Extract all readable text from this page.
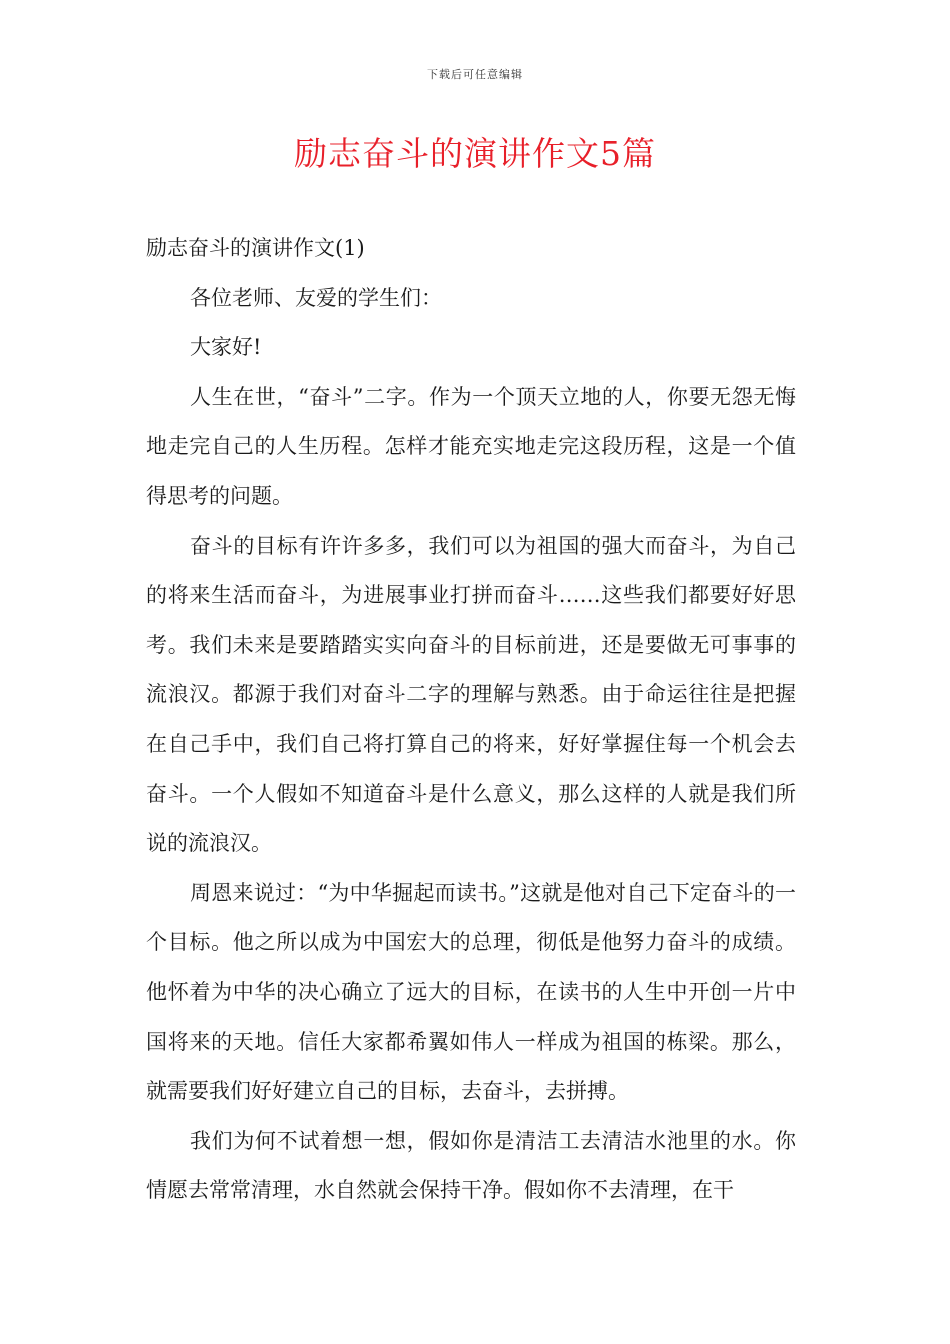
下载后可任意编辑
励志奋斗的演讲作文5篇

励志奋斗的演讲作文(1)

各位老师、友爱的学生们：

大家好!

人生在世，“奋斗”二字。作为一个顶天立地的人，你要无怨无悔地走完自己的人生历程。怎样才能充实地走完这段历程，这是一个值得思考的问题。

奋斗的目标有许许多多，我们可以为祖国的强大而奋斗，为自己的将来生活而奋斗，为进展事业打拼而奋斗……这些我们都要好好思考。我们未来是要踏踏实实向奋斗的目标前进，还是要做无可事事的流浪汉。都源于我们对奋斗二字的理解与熟悉。由于命运往往是把握在自己手中，我们自己将打算自己的将来，好好掌握住每一个机会去奋斗。一个人假如不知道奋斗是什么意义，那么这样的人就是我们所说的流浪汉。

周恩来说过：“为中华掘起而读书。”这就是他对自己下定奋斗的一个目标。他之所以成为中国宏大的总理，彻低是他努力奋斗的成绩。他怀着为中华的决心确立了远大的目标，在读书的人生中开创一片中国将来的天地。信任大家都希翼如伟人一样成为祖国的栋梁。那么，就需要我们好好建立自己的目标，去奋斗，去拼搏。

我们为何不试着想一想，假如你是清洁工去清洁水池里的水。你情愿去常常清理，水自然就会保持干净。假如你不去清理，在干
